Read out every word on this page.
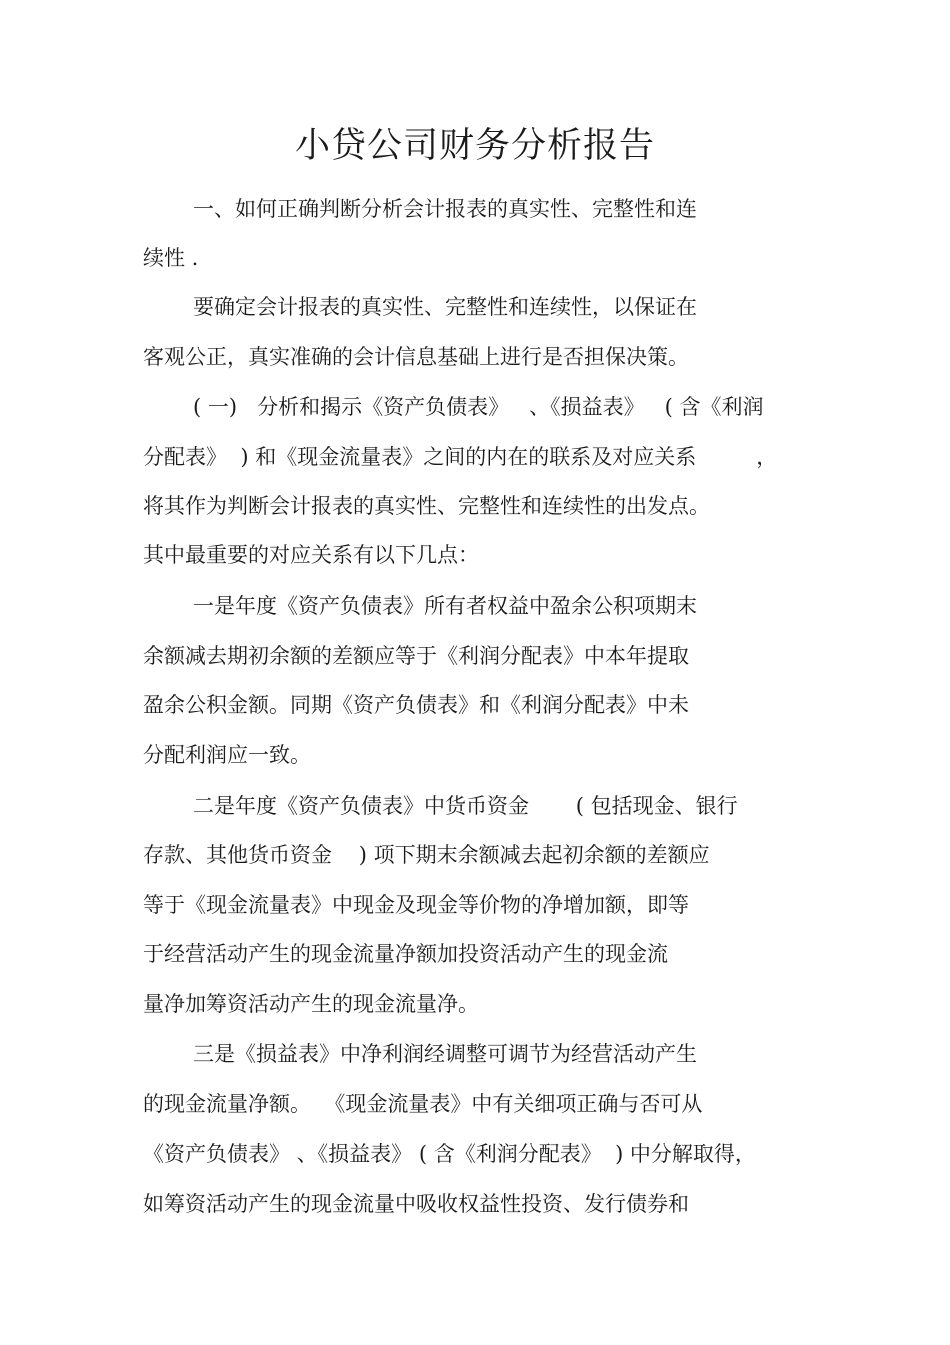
小贷公司财务分析报告
一、如何正确判断分析会计报表的真实性、完整性和连
续性 .
要确定会计报表的真实性、完整性和连续性，以保证在
客观公正，真实准确的会计信息基础上进行是否担保决策。
( 一)   分析和揭示《资产负债表》   、《损益表》   ( 含《利润
分配表》  ) 和《现金流量表》之间的内在的联系及对应关系         ，
将其作为判断会计报表的真实性、完整性和连续性的出发点。
其中最重要的对应关系有以下几点：
一是年度《资产负债表》所有者权益中盈余公积项期末
余额减去期初余额的差额应等于《利润分配表》中本年提取
盈余公积金额。同期《资产负债表》和《利润分配表》中未
分配利润应一致。
二是年度《资产负债表》中货币资金       ( 包括现金、银行
存款、其他货币资金    ) 项下期末余额减去起初余额的差额应
等于《现金流量表》中现金及现金等价物的净增加额，即等
于经营活动产生的现金流量净额加投资活动产生的现金流
量净加筹资活动产生的现金流量净。
三是《损益表》中净利润经调整可调节为经营活动产生
的现金流量净额。  《现金流量表》中有关细项正确与否可从
《资产负债表》 、《损益表》 ( 含《利润分配表》  ) 中分解取得，
如筹资活动产生的现金流量中吸收权益性投资、发行债券和
